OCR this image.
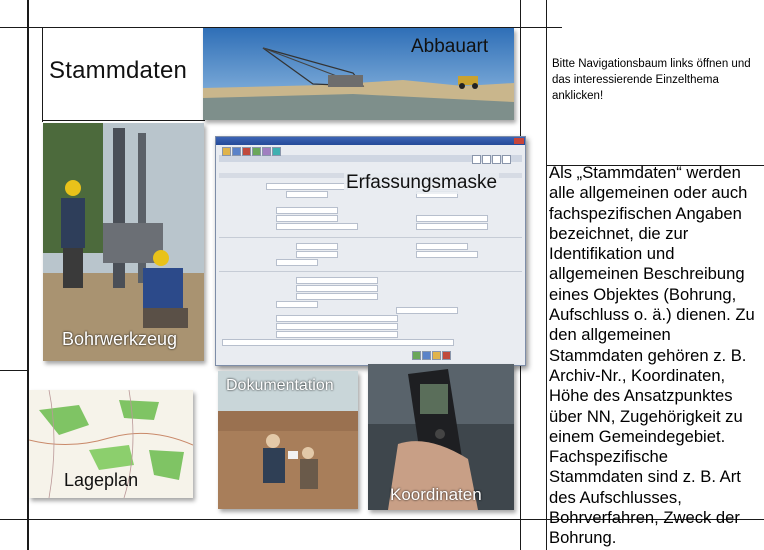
Stammdaten
Abbauart
Bitte Navigationsbaum links öffnen und das interessierende Einzelthema anklicken!
Bohrwerkzeug
Erfassungsmaske
Lageplan
Dokumentation
Koordinaten
Als „Stammdaten“ werden alle allgemeinen oder auch fachspezifischen Angaben bezeichnet, die zur Identifikation und allgemeinen Beschreibung eines Objektes (Bohrung, Aufschluss o. ä.) dienen. Zu den allgemeinen Stammdaten gehören z. B. Archiv-Nr., Koordinaten, Höhe des Ansatzpunktes über NN, Zugehörigkeit zu einem Gemeindegebiet. Fachspezifische Stammdaten sind z. B. Art des Aufschlusses, Bohrverfahren, Zweck der Bohrung.
